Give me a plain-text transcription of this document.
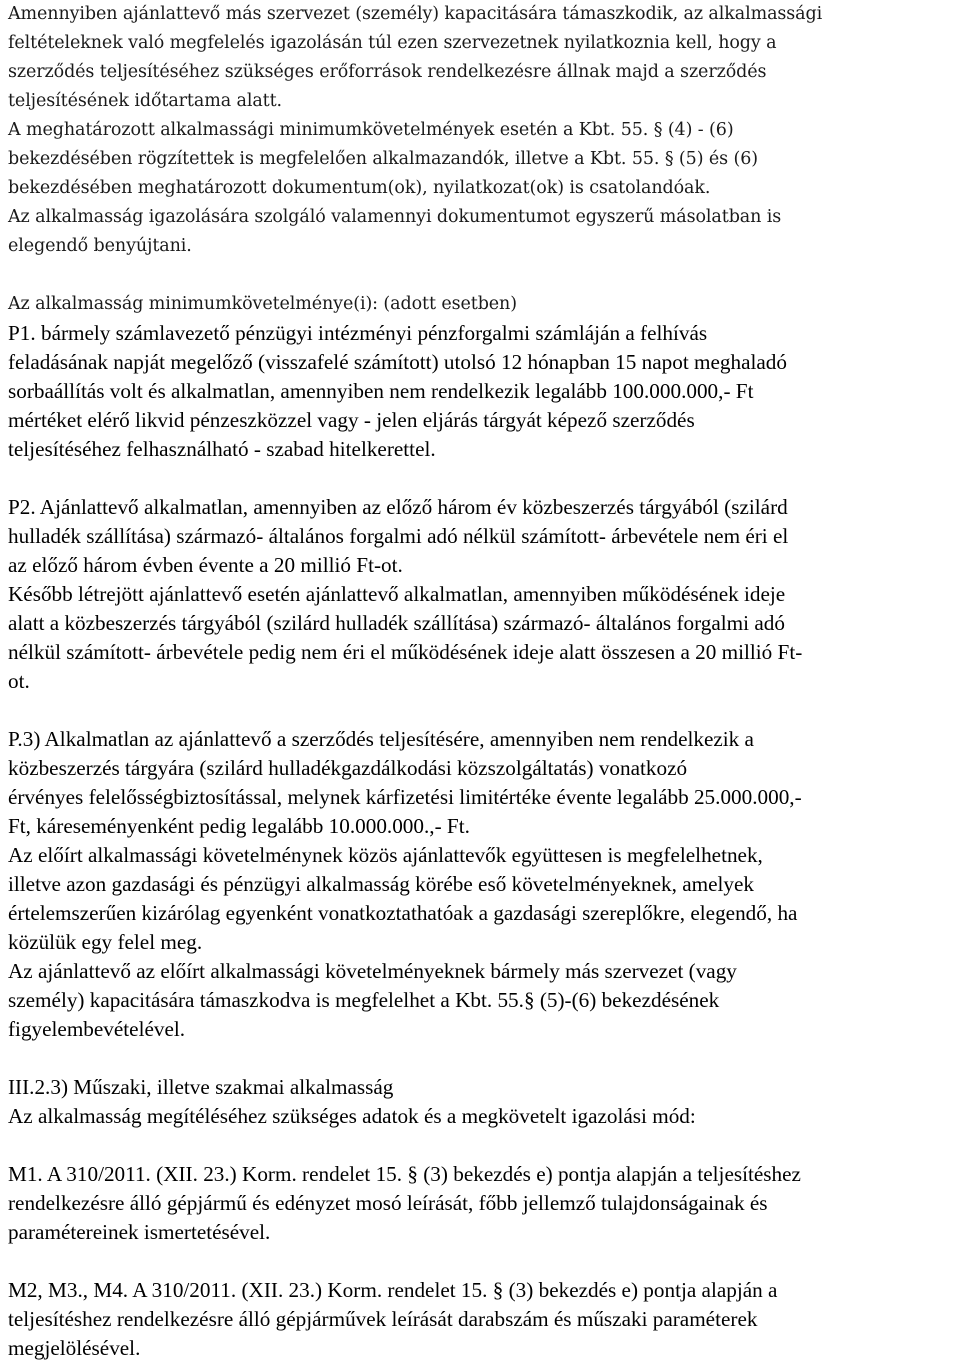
Amennyiben ajánlattevő más szervezet (személy) kapacitására támaszkodik, az alkalmassági

feltételeknek való megfelelés igazolásán túl ezen szervezetnek nyilatkoznia kell, hogy a

szerződés teljesítéséhez szükséges erőforrások rendelkezésre állnak majd a szerződés

teljesítésének időtartama alatt.

A meghatározott alkalmassági minimumkövetelmények esetén a Kbt. 55. § (4) - (6)

bekezdésében rögzítettek is megfelelően alkalmazandók, illetve a Kbt. 55. § (5) és (6)

bekezdésében meghatározott dokumentum(ok), nyilatkozat(ok) is csatolandóak.

Az alkalmasság igazolására szolgáló valamennyi dokumentumot egyszerű másolatban is

elegendő benyújtani.

Az alkalmasság minimumkövetelménye(i): (adott esetben)

P1. bármely számlavezető pénzügyi intézményi pénzforgalmi számláján a felhívás

feladásának napját megelőző (visszafelé számított) utolsó 12 hónapban 15 napot meghaladó

sorbaállítás volt és alkalmatlan, amennyiben nem rendelkezik legalább 100.000.000,- Ft

mértéket elérő likvid pénzeszközzel vagy - jelen eljárás tárgyát képező szerződés

teljesítéséhez felhasználható - szabad hitelkerettel.

P2. Ajánlattevő alkalmatlan, amennyiben az előző három év közbeszerzés tárgyából (szilárd

hulladék szállítása) származó- általános forgalmi adó nélkül számított- árbevétele nem éri el

az előző három évben évente a 20 millió Ft-ot.

Később létrejött ajánlattevő esetén ajánlattevő alkalmatlan, amennyiben működésének ideje

alatt a közbeszerzés tárgyából (szilárd hulladék szállítása) származó- általános forgalmi adó

nélkül számított- árbevétele pedig nem éri el működésének ideje alatt összesen a 20 millió Ft-

ot.

P.3) Alkalmatlan az ajánlattevő a szerződés teljesítésére, amennyiben nem rendelkezik a

közbeszerzés tárgyára (szilárd hulladékgazdálkodási közszolgáltatás) vonatkozó

érvényes felelősségbiztosítással, melynek kárfizetési limitértéke évente legalább 25.000.000,-

Ft, káreseményenként pedig legalább 10.000.000.,- Ft.

Az előírt alkalmassági követelménynek közös ajánlattevők együttesen is megfelelhetnek,

illetve azon gazdasági és pénzügyi alkalmasság körébe eső követelményeknek, amelyek

értelemszerűen kizárólag egyenként vonatkoztathatóak a gazdasági szereplőkre, elegendő, ha

közülük egy felel meg.

Az ajánlattevő az előírt alkalmassági követelményeknek bármely más szervezet (vagy

személy) kapacitására támaszkodva is megfelelhet a Kbt. 55.§ (5)-(6) bekezdésének

figyelembevételével.

III.2.3) Műszaki, illetve szakmai alkalmasság

Az alkalmasság megítéléséhez szükséges adatok és a megkövetelt igazolási mód:

M1. A 310/2011. (XII. 23.) Korm. rendelet 15. § (3) bekezdés e) pontja alapján a teljesítéshez

rendelkezésre álló gépjármű és edényzet mosó leírását, főbb jellemző tulajdonságainak és

paramétereinek ismertetésével.

M2, M3., M4. A 310/2011. (XII. 23.) Korm. rendelet 15. § (3) bekezdés e) pontja alapján a

teljesítéshez rendelkezésre álló gépjárművek leírását darabszám és műszaki paraméterek

megjelölésével.
